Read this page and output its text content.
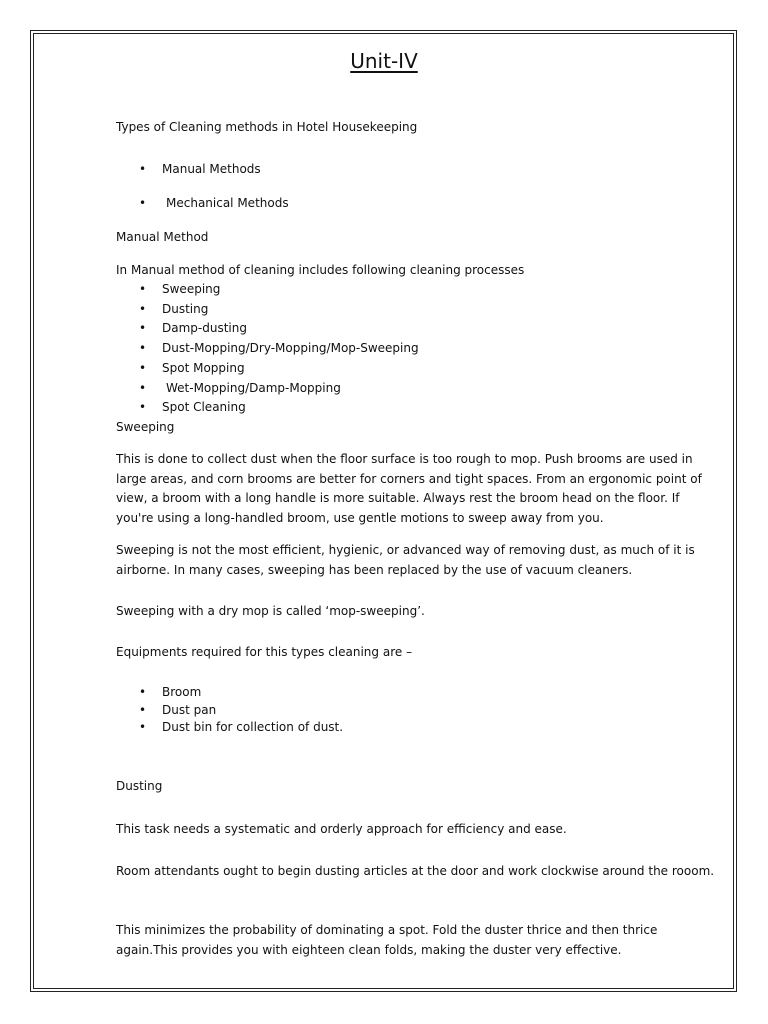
Unit-IV
Types of Cleaning methods in Hotel Housekeeping
• Manual Methods
• Mechanical Methods
Manual Method
In Manual method of cleaning includes following cleaning processes
• Sweeping
• Dusting
• Damp-dusting
• Dust-Mopping/Dry-Mopping/Mop-Sweeping
• Spot Mopping
• Wet-Mopping/Damp-Mopping
• Spot Cleaning
Sweeping
This is done to collect dust when the floor surface is too rough to mop. Push brooms are used in large areas, and corn brooms are better for corners and tight spaces. From an ergonomic point of view, a broom with a long handle is more suitable. Always rest the broom head on the floor. If you're using a long-handled broom, use gentle motions to sweep away from you.
Sweeping is not the most efficient, hygienic, or advanced way of removing dust, as much of it is airborne. In many cases, sweeping has been replaced by the use of vacuum cleaners.
Sweeping with a dry mop is called ‘mop-sweeping’.
Equipments required for this types cleaning are –
• Broom
• Dust pan
• Dust bin for collection of dust.
Dusting
This task needs a systematic and orderly approach for efficiency and ease.
Room attendants ought to begin dusting articles at the door and work clockwise around the rooom.
This minimizes the probability of dominating a spot. Fold the duster thrice and then thrice again.This provides you with eighteen clean folds, making the duster very effective.
